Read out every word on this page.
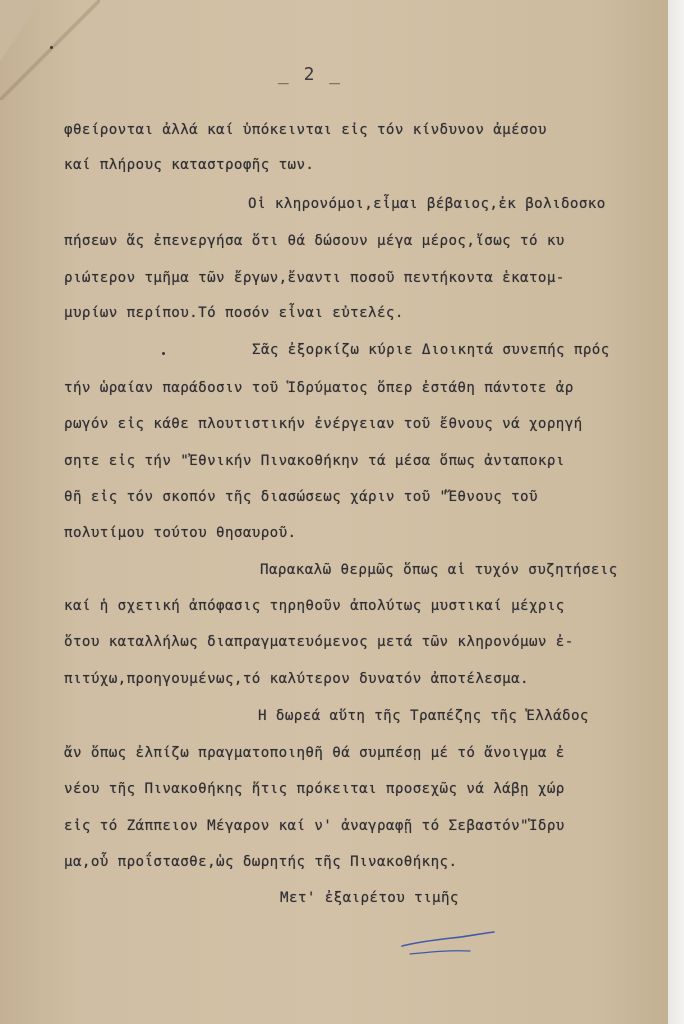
_ 2 _
φθείρονται ἀλλά καί ὑπόκεινται εἰς τόν κίνδυνον ἀμέσου
καί πλήρους καταστροφῆς των.
Οἱ κληρονόμοι,εἶμαι βέβαιος,ἐκ βολιδοσκο
πήσεων ἅς ἐπενεργήσα ὅτι θά δώσουν μέγα μέρος,ἴσως τό κυ
ριώτερον τμῆμα τῶν ἔργων,ἔναντι ποσοῦ πεντήκοντα ἑκατομ-
μυρίων περίπου.Τό ποσόν εἶναι εὐτελές.
Σᾶς ἐξορκίζω κύριε Διοικητά συνεπής πρός
τήν ὡραίαν παράδοσιν τοῦ Ἱδρύματος ὅπερ ἐστάθη πάντοτε ἀρ
ρωγόν εἰς κάθε πλουτιστικήν ἐνέργειαν τοῦ ἔθνους νά χορηγή
σητε εἰς τήν "Ἐθνικήν Πινακοθήκην τά μέσα ὅπως ἀνταποκρι
θῆ εἰς τόν σκοπόν τῆς διασώσεως χάριν τοῦ "Ἔθνους τοῦ
πολυτίμου τούτου θησαυροῦ.
Παρακαλῶ θερμῶς ὅπως αἱ τυχόν συζητήσεις
καί ἡ σχετική ἀπόφασις τηρηθοῦν ἀπολύτως μυστικαί μέχρις
ὅτου καταλλήλως διαπραγματευόμενος μετά τῶν κληρονόμων ἐ-
πιτύχω,προηγουμένως,τό καλύτερον δυνατόν ἀποτέλεσμα.
Η δωρεά αὕτη τῆς Τραπέζης τῆς Ἑλλάδος
ἄν ὅπως ἐλπίζω πραγματοποιηθῆ θά συμπέσῃ μέ τό ἄνοιγμα ἐ
νέου τῆς Πινακοθήκης ἥτις πρόκειται προσεχῶς νά λάβῃ χώρ
εἰς τό Ζάππειον Μέγαρον καί ν' ἀναγραφῇ τό Σεβαστόν"Ἱδρυ
μα,οὗ προΐστασθε,ὡς δωρητής τῆς Πινακοθήκης.
Μετ' ἐξαιρέτου τιμῆς
